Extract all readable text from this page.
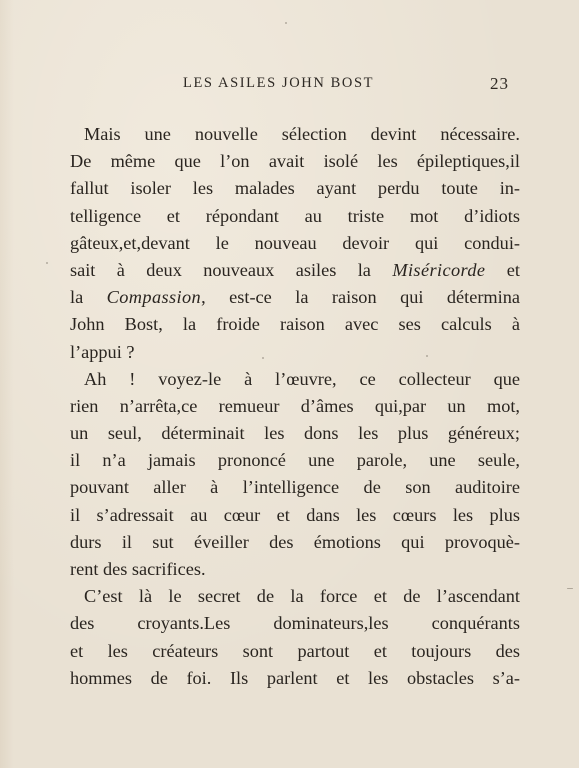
LES ASILES JOHN BOST	23
Mais une nouvelle sélection devint nécessaire.
De même que l’on avait isolé les épileptiques,il
fallut isoler les malades ayant perdu toute in-
telligence et répondant au triste mot d’idiots
gâteux,et,devant le nouveau devoir qui condui-
sait à deux nouveaux asiles la Miséricorde et
la Compassion, est-ce la raison qui détermina
John Bost, la froide raison avec ses calculs à
l’appui ?
Ah ! voyez-le à l’œuvre, ce collecteur que
rien n’arrêta,ce remueur d’âmes qui,par un mot,
un seul, déterminait les dons les plus généreux;
il n’a jamais prononcé une parole, une seule,
pouvant aller à l’intelligence de son auditoire
il s’adressait au cœur et dans les cœurs les plus
durs il sut éveiller des émotions qui provoquè-
rent des sacrifices.
C’est là le secret de la force et de l’ascendant
des croyants.Les dominateurs,les conquérants
et les créateurs sont partout et toujours des
hommes de foi. Ils parlent et les obstacles s’a-
